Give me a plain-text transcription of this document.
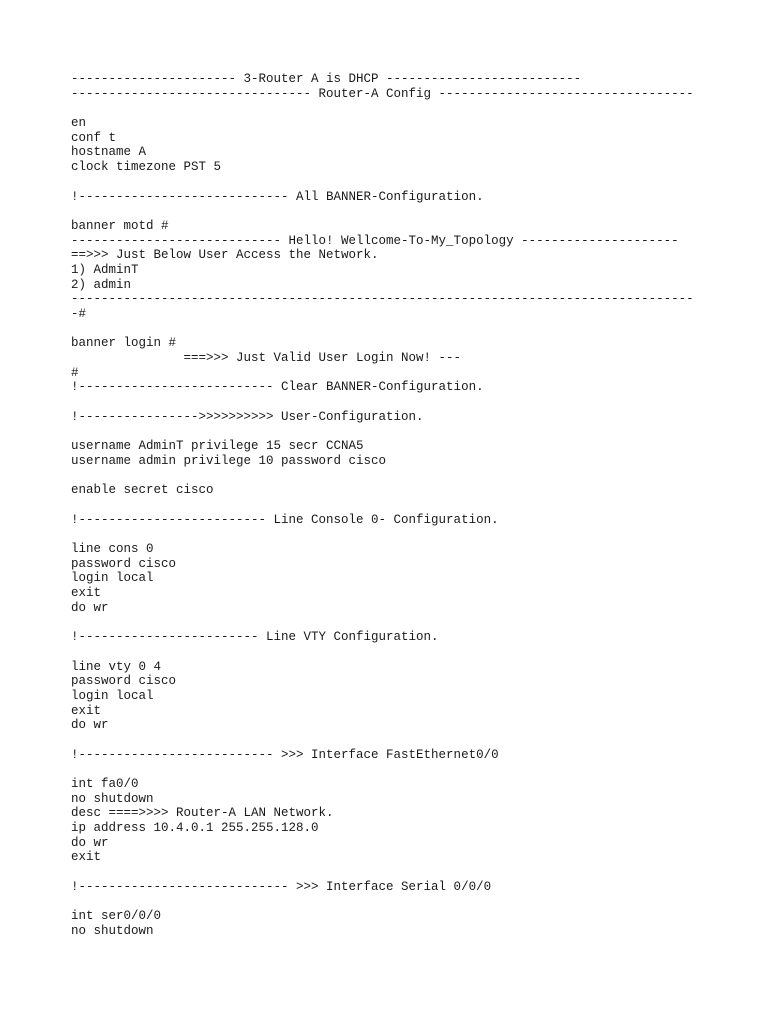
---------------------- 3-Router A is DHCP --------------------------
-------------------------------- Router-A Config ----------------------------------
en
conf t
hostname A
clock timezone PST 5
!---------------------------- All BANNER-Configuration.
banner motd #
---------------------------- Hello! Wellcome-To-My_Topology ---------------------
==>>> Just Below User Access the Network.
1) AdminT
2) admin
-----------------------------------------------------------------------------------
-#
banner login #
===>>> Just Valid User Login Now! ---
#
!-------------------------- Clear BANNER-Configuration.
!---------------->>>>>>>>>> User-Configuration.
username AdminT privilege 15 secr CCNA5
username admin privilege 10 password cisco
enable secret cisco
!------------------------- Line Console 0- Configuration.
line cons 0
password cisco
login local
exit
do wr
!------------------------ Line VTY Configuration.
line vty 0 4
password cisco
login local
exit
do wr
!-------------------------- >>> Interface FastEthernet0/0
int fa0/0
no shutdown
desc ====>>>> Router-A LAN Network.
ip address 10.4.0.1 255.255.128.0
do wr
exit
!---------------------------- >>> Interface Serial 0/0/0
int ser0/0/0
no shutdown
